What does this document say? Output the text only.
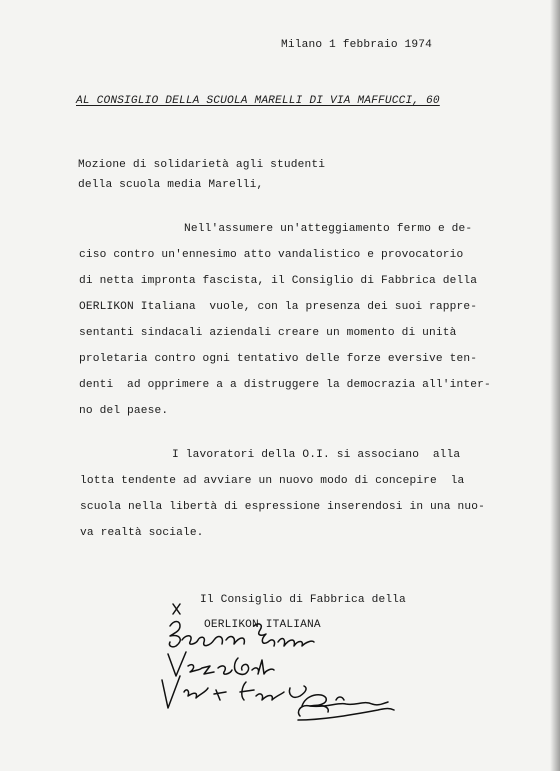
Milano 1 febbraio 1974
AL CONSIGLIO DELLA SCUOLA MARELLI DI VIA MAFFUCCI, 60
Mozione di solidarietà agli studenti
della scuola media Marelli,
Nell'assumere un'atteggiamento fermo e de-
ciso contro un'ennesimo atto vandalistico e provocatorio
di netta impronta fascista, il Consiglio di Fabbrica della
OERLIKON Italiana  vuole, con la presenza dei suoi rappre-
sentanti sindacali aziendali creare un momento di unità
proletaria contro ogni tentativo delle forze eversive ten-
denti  ad opprimere a a distruggere la democrazia all'inter-
no del paese.
I lavoratori della O.I. si associano  alla
lotta tendente ad avviare un nuovo modo di concepire  la
scuola nella libertà di espressione inserendosi in una nuo-
va realtà sociale.
Il Consiglio di Fabbrica della
OERLIKON ITALIANA
